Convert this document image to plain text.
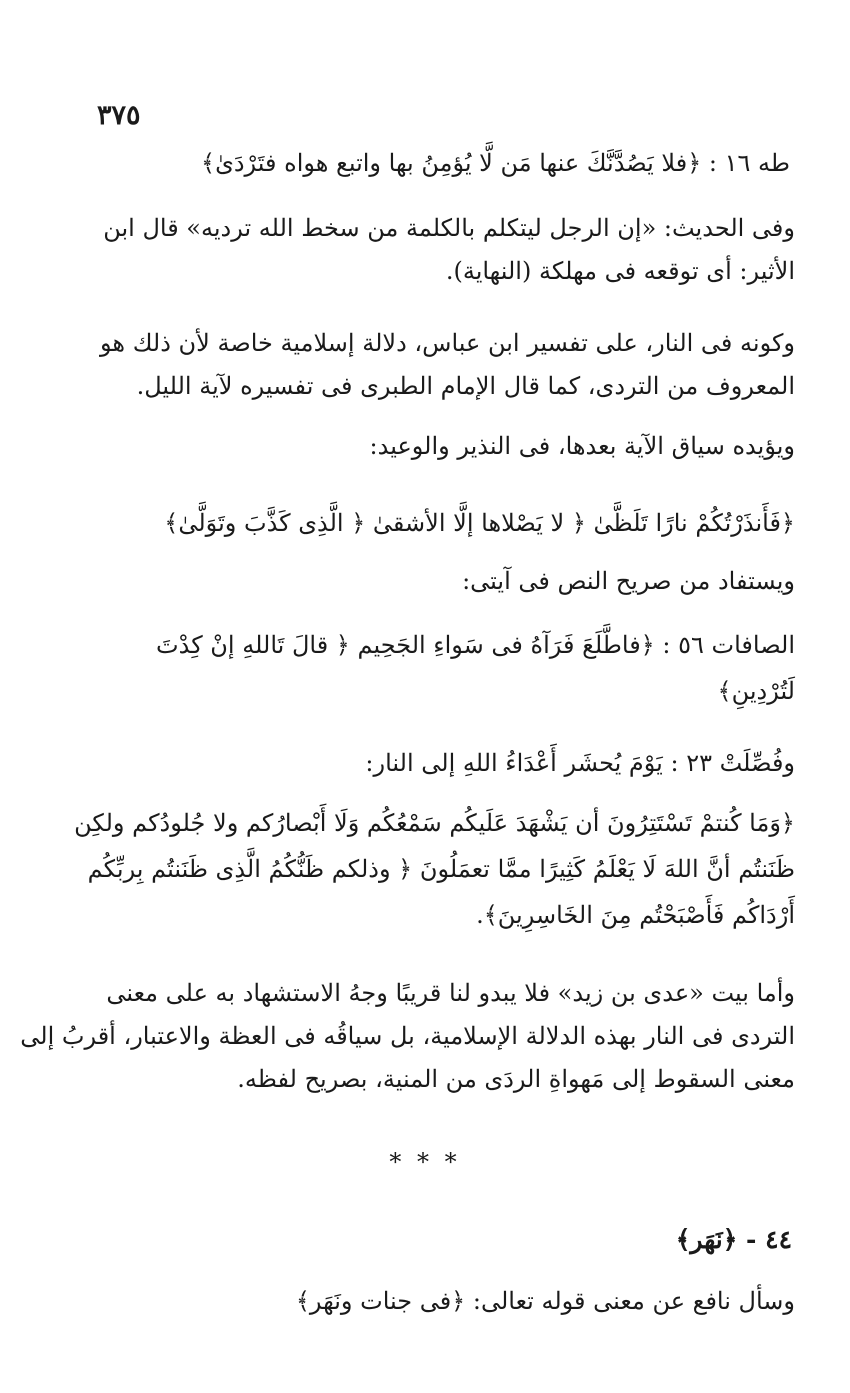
٣٧٥
طه ١٦ : ﴿فلا يَصُدَّنَّكَ عنها مَن لَّا يُؤمِنُ بها واتبع هواه فتَرْدَىٰ﴾
وفى الحديث: «إن الرجل ليتكلم بالكلمة من سخط الله ترديه» قال ابن
الأثير: أى توقعه فى مهلكة (النهاية).
وكونه فى النار، على تفسير ابن عباس، دلالة إسلامية خاصة لأن ذلك هو
المعروف من التردى، كما قال الإمام الطبرى فى تفسيره لآية الليل.
ويؤيده سياق الآية بعدها، فى النذير والوعيد:
﴿فَأَنذَرْتُكُمْ نارًا تَلَظَّىٰ ﴿ لا يَصْلاها إلَّا الأشقىٰ ﴿ الَّذِى كَذَّبَ وتَوَلَّىٰ﴾
ويستفاد من صريح النص فى آيتى:
الصافات ٥٦ : ﴿فاطَّلَعَ فَرَآهُ فى سَواءِ الجَحِيم ﴿ قالَ تَاللهِ إنْ كِدْتَ
لَتُرْدِينِ﴾
وفُصِّلَتْ ٢٣ : يَوْمَ يُحشَر أَعْدَاءُ اللهِ إلى النار:
﴿وَمَا كُنتمْ تَسْتَتِرُونَ أن يَشْهَدَ عَلَيكُم سَمْعُكُم وَلَا أَبْصارُكم ولا جُلودُكم ولكِن
ظَنَنتُم أنَّ اللهَ لَا يَعْلَمُ كَثِيرًا ممَّا تعمَلُونَ ﴿ وذلكم ظَنُّكُمُ الَّذِى ظَنَنتُم بِربِّكُم
أَرْدَاكُم فَأَصْبَحْتُم مِنَ الخَاسِرِينَ﴾.
وأما بيت «عدى بن زيد» فلا يبدو لنا قريبًا وجهُ الاستشهاد به على معنى
التردى فى النار بهذه الدلالة الإسلامية، بل سياقُه فى العظة والاعتبار، أقربُ إلى
معنى السقوط إلى مَهواةِ الردَى من المنية، بصريح لفظه.
* * *
٤٤ - ﴿نَهَر﴾
وسأل نافع عن معنى قوله تعالى: ﴿فى جنات ونَهَر﴾
